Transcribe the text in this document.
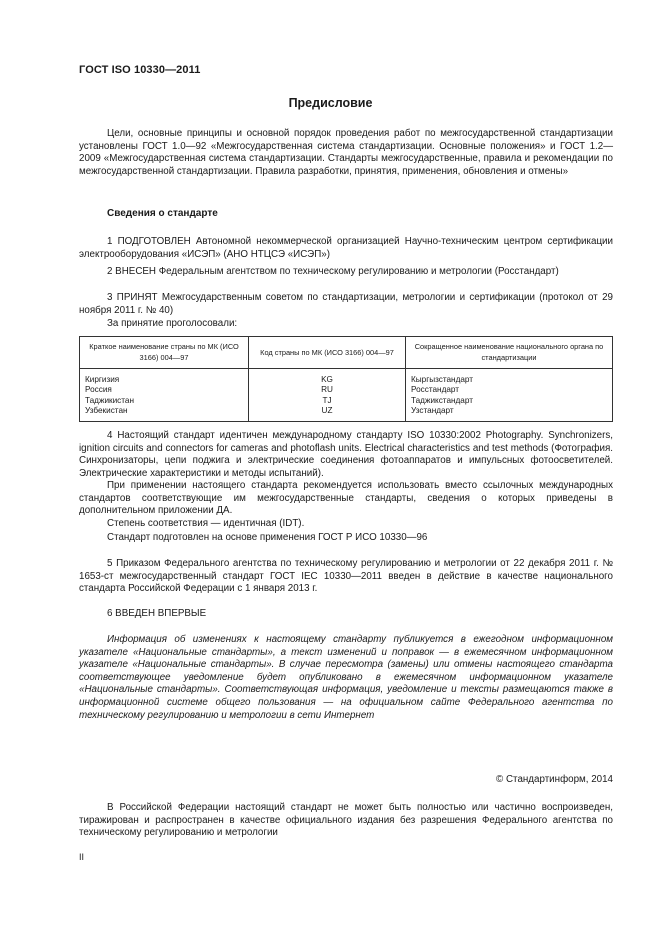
ГОСТ ISO 10330—2011
Предисловие

Цели, основные принципы и основной порядок проведения работ по межгосударственной стандартизации установлены ГОСТ 1.0—92 «Межгосударственная система стандартизации. Основные положения» и ГОСТ 1.2—2009 «Межгосударственная система стандартизации. Стандарты межгосударственные, правила и рекомендации по межгосударственной стандартизации. Правила разработки, принятия, применения, обновления и отмены»

Сведения о стандарте

1 ПОДГОТОВЛЕН Автономной некоммерческой организацией Научно-техническим центром сертификации электрооборудования «ИСЭП» (АНО НТЦСЭ «ИСЭП»)

2 ВНЕСЕН Федеральным агентством по техническому регулированию и метрологии (Росстандарт)

3 ПРИНЯТ Межгосударственным советом по стандартизации, метрологии и сертификации (протокол от 29 ноября 2011 г. № 40)

За принятие проголосовали:

Краткое наименование страны по МК (ИСО 3166) 004—97	Код страны по МК (ИСО 3166) 004—97	Сокращенное наименование национального органа по стандартизации
Киргизия	KG	Кыргызстандарт
Россия	RU	Росстандарт
Таджикистан	TJ	Таджикстандарт
Узбекистан	UZ	Узстандарт

4 Настоящий стандарт идентичен международному стандарту ISO 10330:2002 Photography. Synchronizers, ignition circuits and connectors for cameras and photoflash units. Electrical characteristics and test methods (Фотография. Синхронизаторы, цепи поджига и электрические соединения фотоаппаратов и импульсных фотоосветителей. Электрические характеристики и методы испытаний).

При применении настоящего стандарта рекомендуется использовать вместо ссылочных международных стандартов соответствующие им межгосударственные стандарты, сведения о которых приведены в дополнительном приложении ДА.

Степень соответствия — идентичная (IDT).

Стандарт подготовлен на основе применения ГОСТ Р ИСО 10330—96

5 Приказом Федерального агентства по техническому регулированию и метрологии от 22 декабря 2011 г. № 1653-ст межгосударственный стандарт ГОСТ IEC 10330—2011 введен в действие в качестве национального стандарта Российской Федерации с 1 января 2013 г.

6 ВВЕДЕН ВПЕРВЫЕ

Информация об изменениях к настоящему стандарту публикуется в ежегодном информационном указателе «Национальные стандарты», а текст изменений и поправок — в ежемесячном информационном указателе «Национальные стандарты». В случае пересмотра (замены) или отмены настоящего стандарта соответствующее уведомление будет опубликовано в ежемесячном информационном указателе «Национальные стандарты». Соответствующая информация, уведомление и тексты размещаются также в информационной системе общего пользования — на официальном сайте Федерального агентства по техническому регулированию и метрологии в сети Интернет

© Стандартинформ, 2014

В Российской Федерации настоящий стандарт не может быть полностью или частично воспроизведен, тиражирован и распространен в качестве официального издания без разрешения Федерального агентства по техническому регулированию и метрологии

II
